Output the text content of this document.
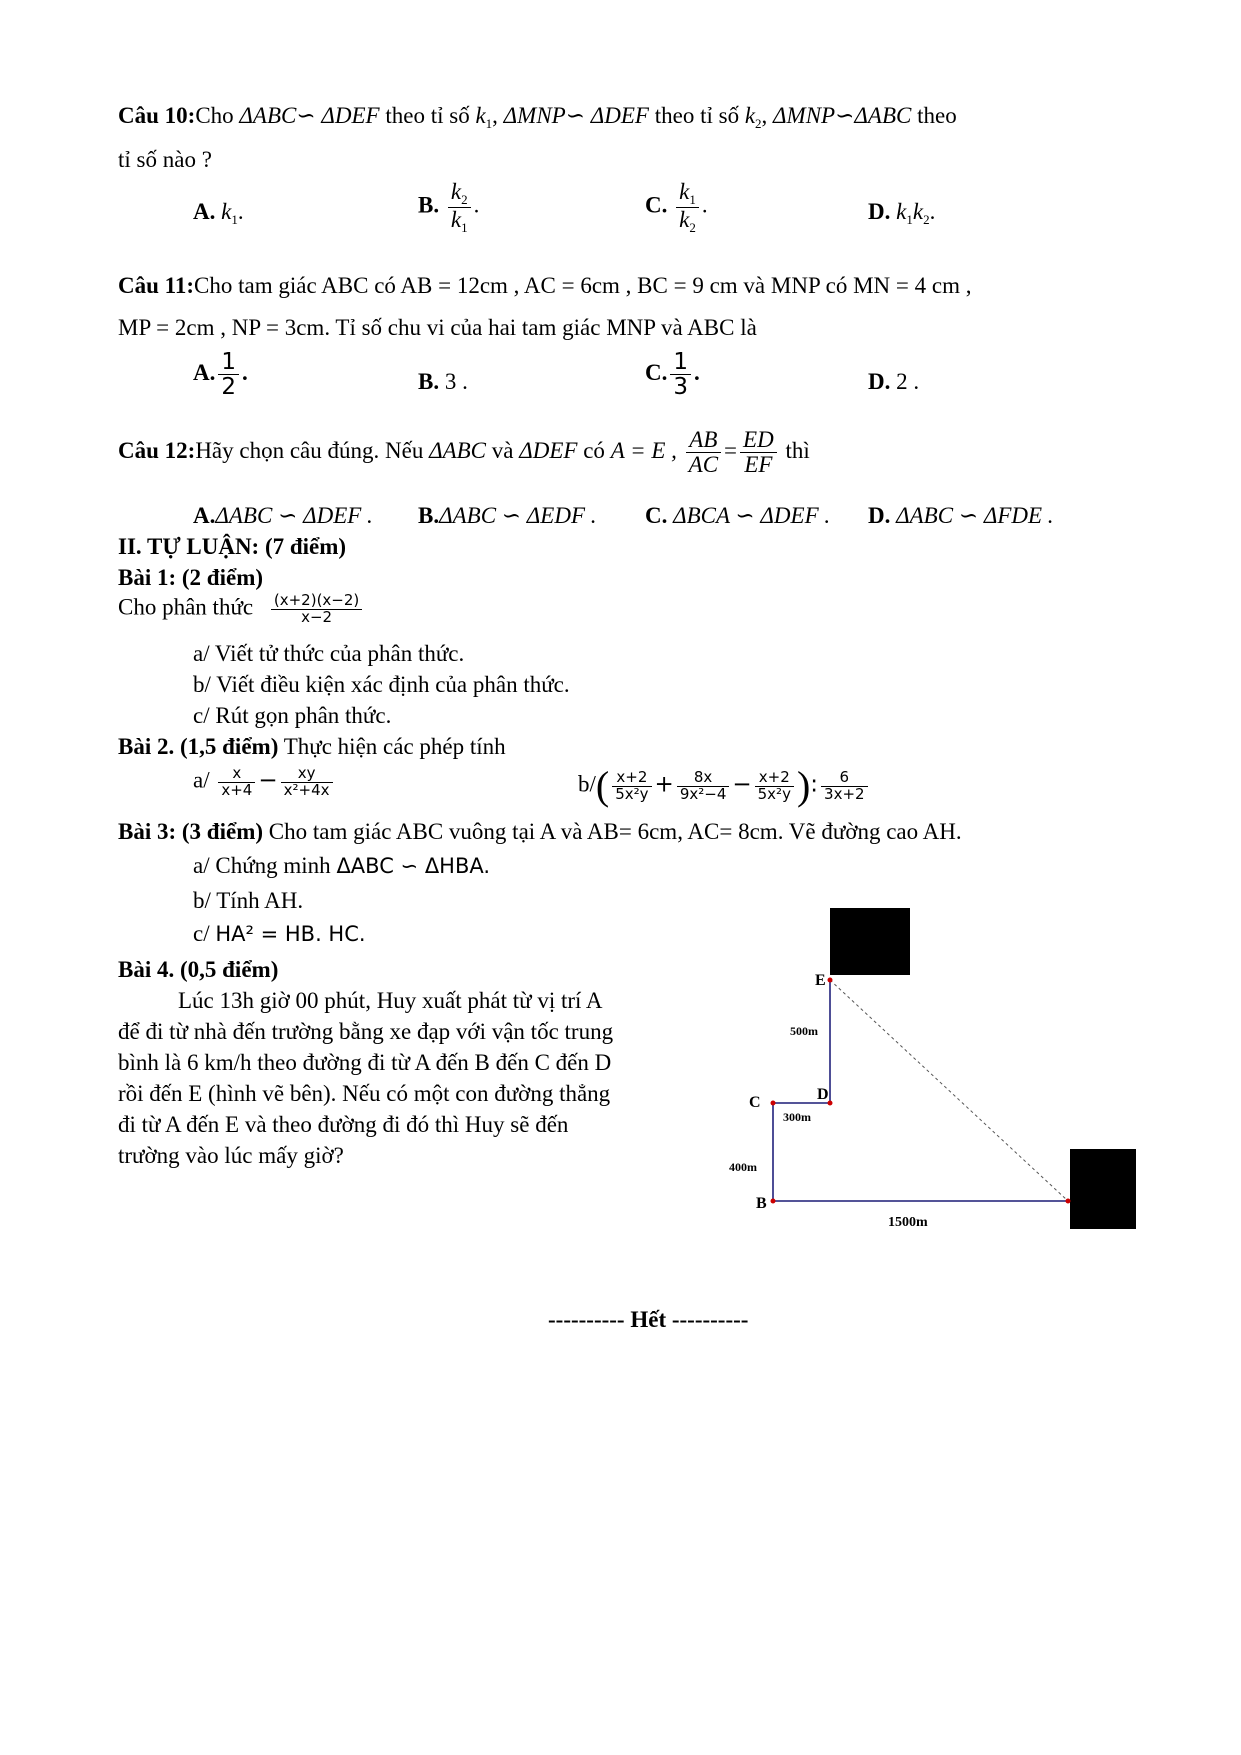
Câu 10:Cho ΔABC∽ ΔDEF theo tỉ số $k_1$, ΔMNP∽ ΔDEF theo tỉ số $k_2$, ΔMNP∽ΔABC theo
tỉ số nào ?
A. $k_1$.	B. $\frac{k_2}{k_1}$ .	C. $\frac{k_1}{k_2}$ .	D. $k_1k_2$.
Câu 11:Cho tam giác ABC có AB = 12cm , AC = 6cm , BC = 9 cm và MNP có MN = 4 cm ,
MP = 2cm , NP = 3cm. Tỉ số chu vi của hai tam giác MNP và ABC là
A. $\frac{1}{2}$ .	B. 3 .	C. $\frac{1}{3}$ .	D. 2 .
Câu 12:Hãy chọn câu đúng. Nếu ΔABC và ΔDEF có A = E , $\frac{AB}{AC} = \frac{ED}{EF}$ thì
A.ΔABC ∽ ΔDEF . B.ΔABC ∽ ΔEDF . C. ΔBCA ∽ ΔDEF . D. ΔABC ∽ ΔFDE .
II. TỰ LUẬN: (7 điểm)
Bài 1: (2 điểm)
Cho phân thức $\frac{(x+2)(x-2)}{x-2}$
a/ Viết tử thức của phân thức.
b/ Viết điều kiện xác định của phân thức.
c/ Rút gọn phân thức.
Bài 2. (1,5 điểm) Thực hiện các phép tính
$a/ \frac{x}{x+4} - \frac{xy}{\text{x²+4x}}$	$b/( \frac{x+2}{\text{5x²y}} + \frac{8x}{\text{9x²−4}} - \frac{x+2}{\text{5x²y}}$ ): $\frac{6}{3x+2}$
Bài 3: (3 điểm) Cho tam giác ABC vuông tại A và AB= 6cm, AC= 8cm. Vẽ đường cao AH.
a/ Chứng minh ΔABC ∽ ΔHBA.
b/ Tính AH.
c/ HA² = HB. HC.
Bài 4. (0,5 điểm)
Lúc 13h giờ 00 phút, Huy xuất phát từ vị trí A
để đi từ nhà đến trường bằng xe đạp với vận tốc trung
bình là 6 km/h theo đường đi từ A đến B đến C đến D
rồi đến E (hình vẽ bên). Nếu có một con đường thẳng
đi từ A đến E và theo đường đi đó thì Huy sẽ đến
trường vào lúc mấy giờ?
E
C	D
B
A
500m
300m
400m
1500m
---------- Hết ----------
